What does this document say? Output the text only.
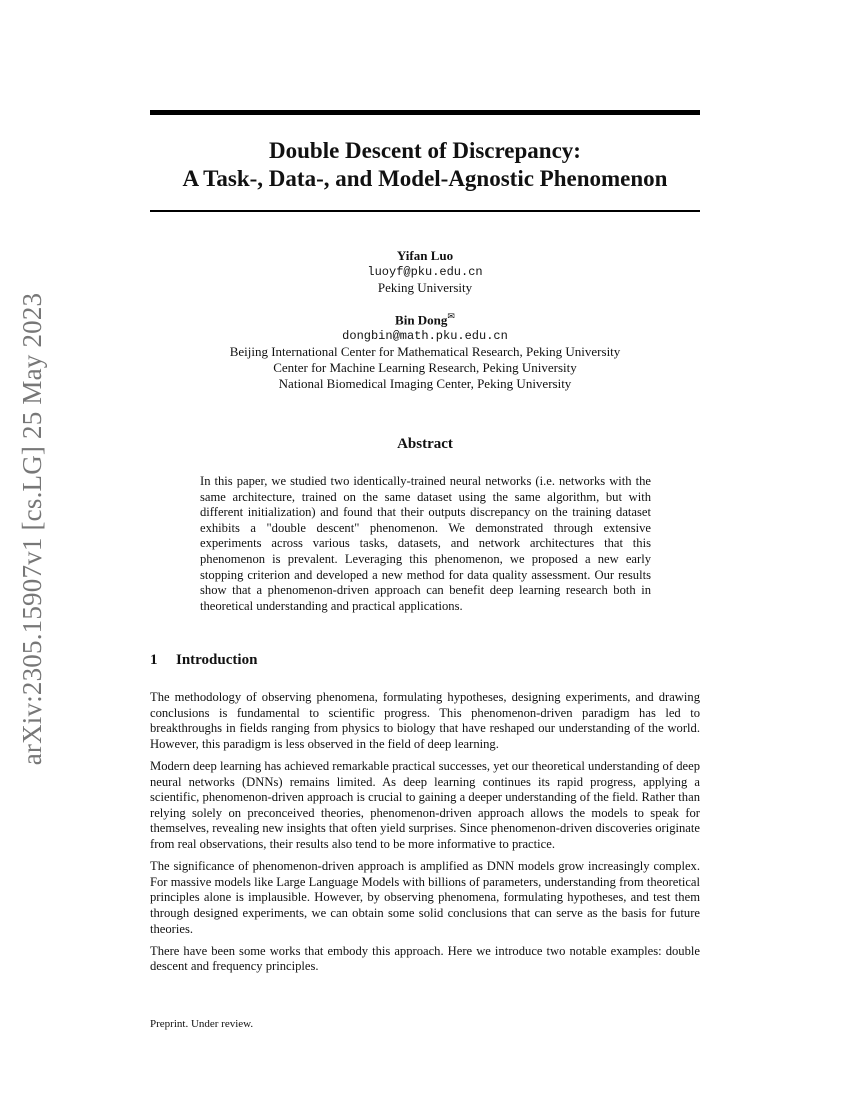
arXiv:2305.15907v1 [cs.LG] 25 May 2023
Double Descent of Discrepancy:
A Task-, Data-, and Model-Agnostic Phenomenon
Yifan Luo
luoyf@pku.edu.cn
Peking University
Bin Dong✉
dongbin@math.pku.edu.cn
Beijing International Center for Mathematical Research, Peking University
Center for Machine Learning Research, Peking University
National Biomedical Imaging Center, Peking University
Abstract
In this paper, we studied two identically-trained neural networks (i.e. networks with the same architecture, trained on the same dataset using the same algorithm, but with different initialization) and found that their outputs discrepancy on the training dataset exhibits a "double descent" phenomenon. We demonstrated through extensive experiments across various tasks, datasets, and network architectures that this phenomenon is prevalent. Leveraging this phenomenon, we proposed a new early stopping criterion and developed a new method for data quality assessment. Our results show that a phenomenon-driven approach can benefit deep learning research both in theoretical understanding and practical applications.
1 Introduction

The methodology of observing phenomena, formulating hypotheses, designing experiments, and drawing conclusions is fundamental to scientific progress. This phenomenon-driven paradigm has led to breakthroughs in fields ranging from physics to biology that have reshaped our understanding of the world. However, this paradigm is less observed in the field of deep learning.

Modern deep learning has achieved remarkable practical successes, yet our theoretical understanding of deep neural networks (DNNs) remains limited. As deep learning continues its rapid progress, applying a scientific, phenomenon-driven approach is crucial to gaining a deeper understanding of the field. Rather than relying solely on preconceived theories, phenomenon-driven approach allows the models to speak for themselves, revealing new insights that often yield surprises. Since phenomenon-driven discoveries originate from real observations, their results also tend to be more informative to practice.

The significance of phenomenon-driven approach is amplified as DNN models grow increasingly complex. For massive models like Large Language Models with billions of parameters, understanding from theoretical principles alone is implausible. However, by observing phenomena, formulating hypotheses, and test them through designed experiments, we can obtain some solid conclusions that can serve as the basis for future theories.

There have been some works that embody this approach. Here we introduce two notable examples: double descent and frequency principles.

Preprint. Under review.
